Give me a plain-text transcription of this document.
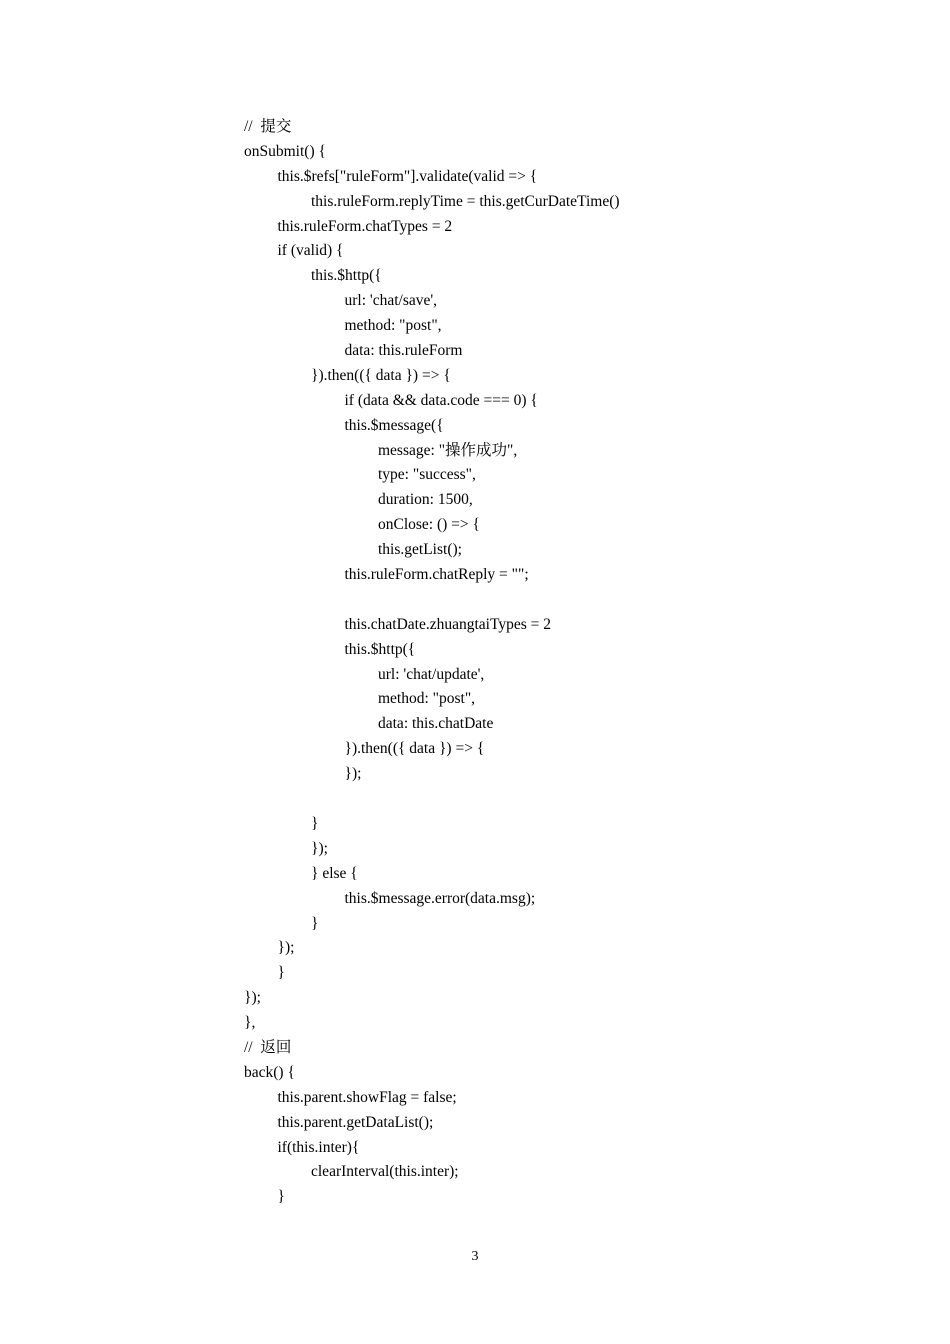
//  提交
onSubmit() {
this.$refs["ruleForm"].validate(valid => {
this.ruleForm.replyTime = this.getCurDateTime()
this.ruleForm.chatTypes = 2
if (valid) {
this.$http({
url: 'chat/save',
method: "post",
data: this.ruleForm
}).then(({ data }) => {
if (data && data.code === 0) {
this.$message({
message: "操作成功",
type: "success",
duration: 1500,
onClose: () => {
this.getList();
this.ruleForm.chatReply = "";
this.chatDate.zhuangtaiTypes = 2
this.$http({
url: 'chat/update',
method: "post",
data: this.chatDate
}).then(({ data }) => {
});
}
});
} else {
this.$message.error(data.msg);
}
});
}
});
},
//  返回
back() {
this.parent.showFlag = false;
this.parent.getDataList();
if(this.inter){
clearInterval(this.inter);
}
3
